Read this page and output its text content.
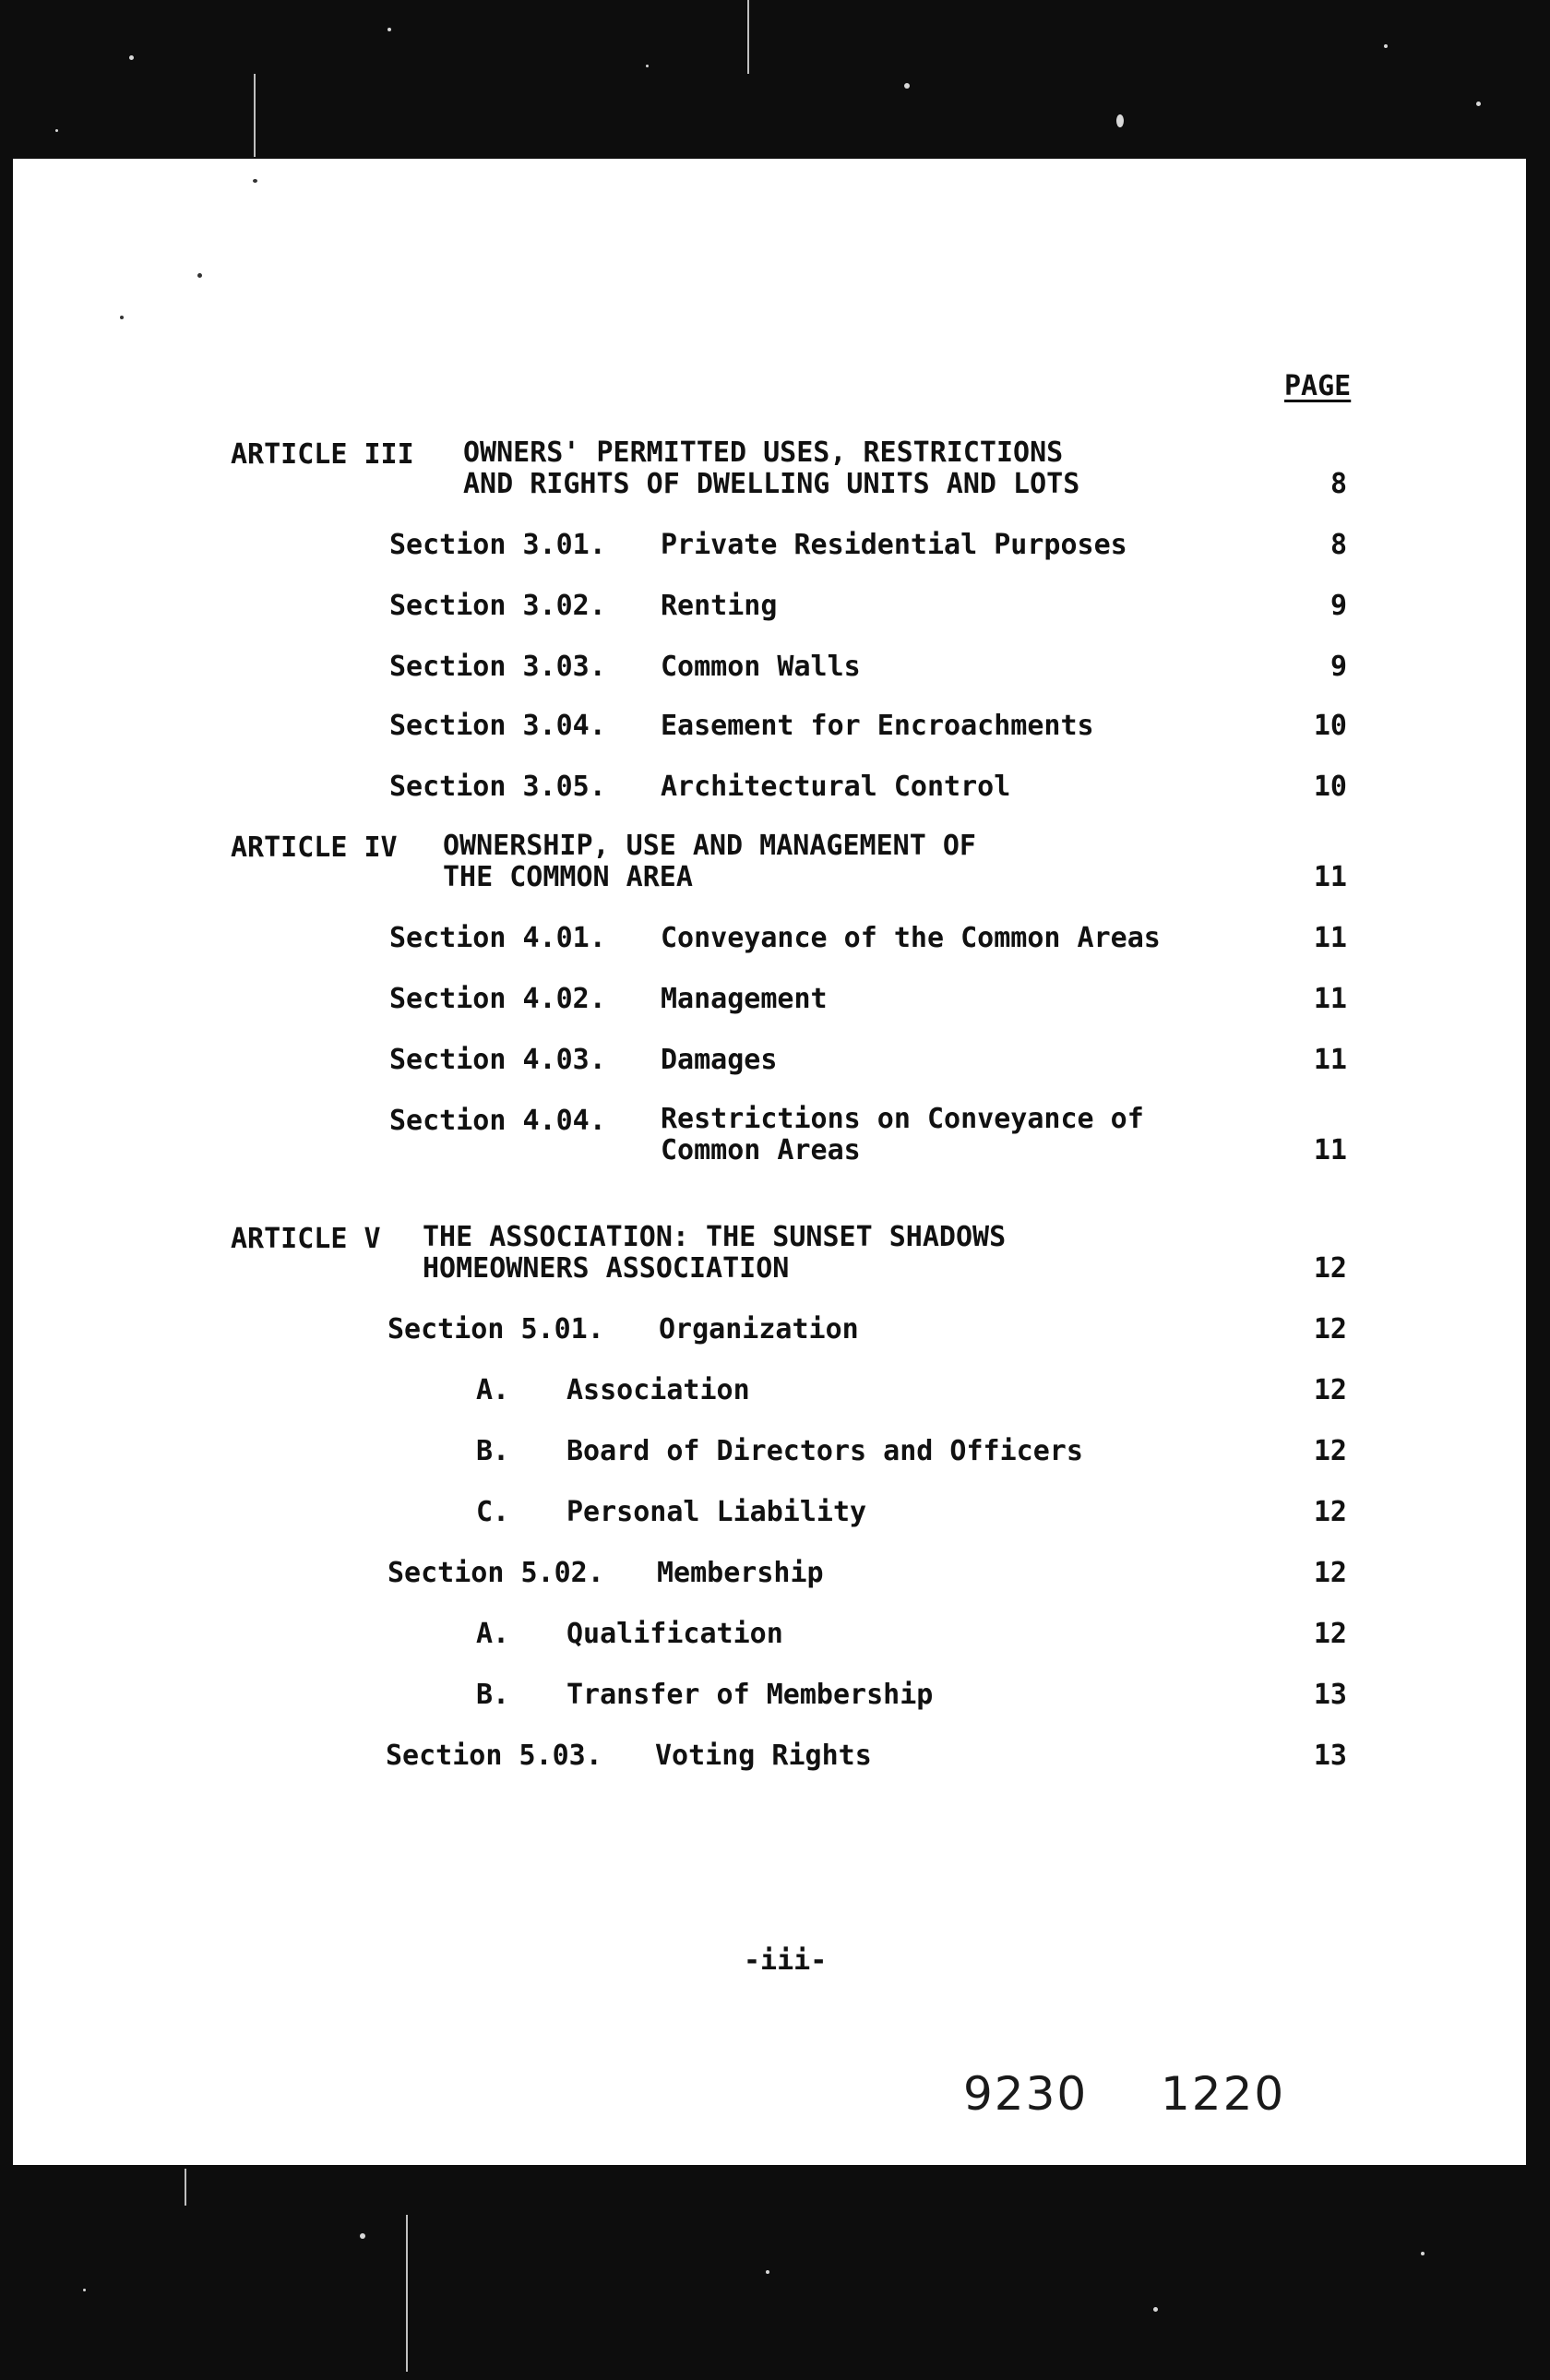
PAGE
ARTICLE III OWNERS' PERMITTED USES, RESTRICTIONS
AND RIGHTS OF DWELLING UNITS AND LOTS	8
Section 3.01. Private Residential Purposes	8
Section 3.02. Renting	9
Section 3.03. Common Walls	9
Section 3.04. Easement for Encroachments	10
Section 3.05. Architectural Control	10
ARTICLE IV OWNERSHIP, USE AND MANAGEMENT OF
THE COMMON AREA	11
Section 4.01. Conveyance of the Common Areas	11
Section 4.02. Management	11
Section 4.03. Damages	11
Section 4.04. Restrictions on Conveyance of
Common Areas	11
ARTICLE V THE ASSOCIATION: THE SUNSET SHADOWS
HOMEOWNERS ASSOCIATION	12
Section 5.01. Organization	12
A. Association	12
B. Board of Directors and Officers	12
C. Personal Liability	12
Section 5.02. Membership	12
A. Qualification	12
B. Transfer of Membership	13
Section 5.03. Voting Rights	13
-iii-
9230 1220
